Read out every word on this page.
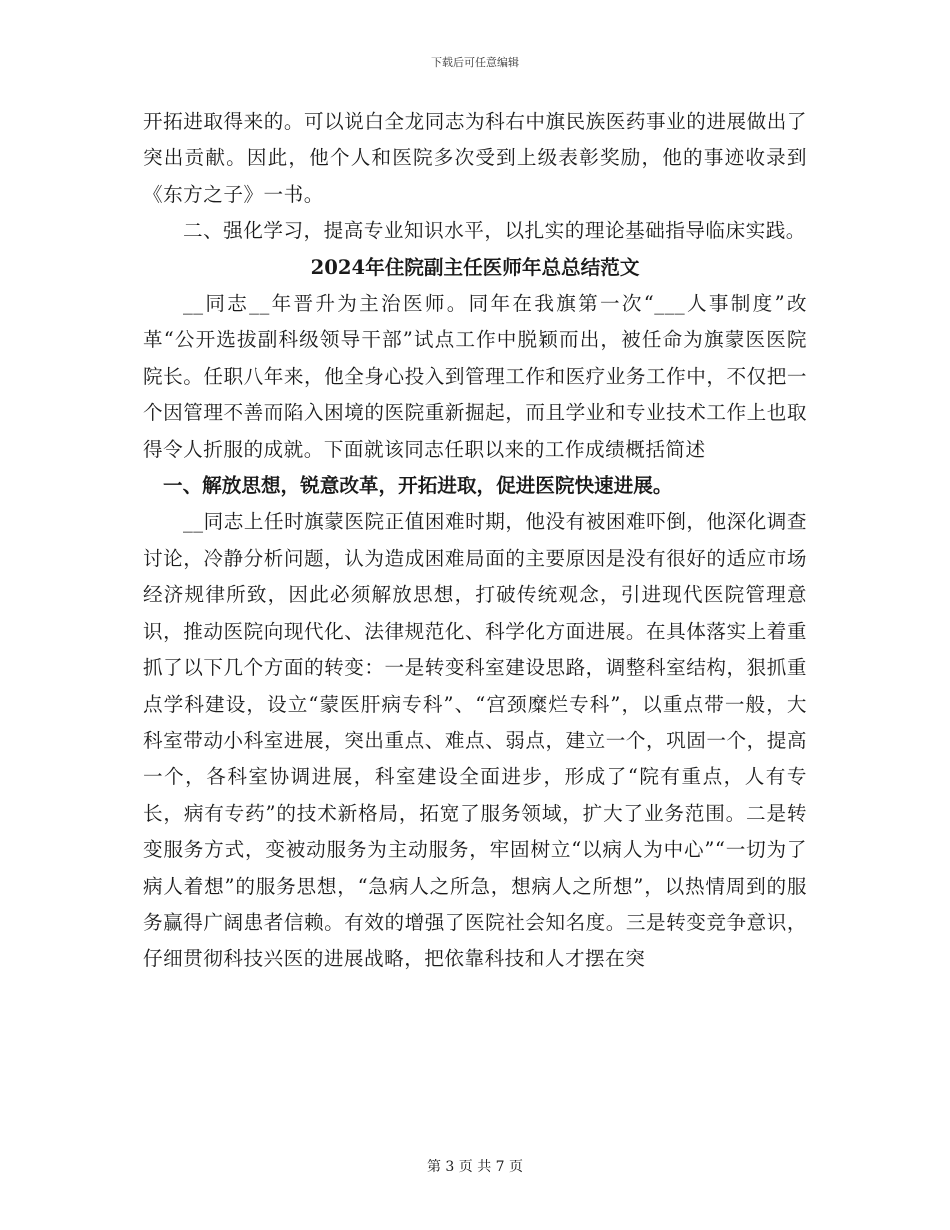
下载后可任意编辑

开拓进取得来的。可以说白全龙同志为科右中旗民族医药事业的进展做出了突出贡献。因此，他个人和医院多次受到上级表彰奖励，他的事迹收录到《东方之子》一书。

二、强化学习，提高专业知识水平，以扎实的理论基础指导临床实践。

2024年住院副主任医师年总总结范文

__同志__年晋升为主治医师。同年在我旗第一次“___人事制度”改革“公开选拔副科级领导干部”试点工作中脱颖而出，被任命为旗蒙医医院院长。任职八年来，他全身心投入到管理工作和医疗业务工作中，不仅把一个因管理不善而陷入困境的医院重新掘起，而且学业和专业技术工作上也取得令人折服的成就。下面就该同志任职以来的工作成绩概括简述

一、解放思想，锐意改革，开拓进取，促进医院快速进展。

__同志上任时旗蒙医院正值困难时期，他没有被困难吓倒，他深化调查讨论，冷静分析问题，认为造成困难局面的主要原因是没有很好的适应市场经济规律所致，因此必须解放思想，打破传统观念，引进现代医院管理意识，推动医院向现代化、法律规范化、科学化方面进展。在具体落实上着重抓了以下几个方面的转变：一是转变科室建设思路，调整科室结构，狠抓重点学科建设，设立“蒙医肝病专科”、“宫颈糜烂专科”，以重点带一般，大科室带动小科室进展，突出重点、难点、弱点，建立一个，巩固一个，提高一个，各科室协调进展，科室建设全面进步，形成了“院有重点，人有专长，病有专药”的技术新格局，拓宽了服务领域，扩大了业务范围。二是转变服务方式，变被动服务为主动服务，牢固树立“以病人为中心”“一切为了病人着想”的服务思想，“急病人之所急，想病人之所想”，以热情周到的服务赢得广阔患者信赖。有效的增强了医院社会知名度。三是转变竞争意识，仔细贯彻科技兴医的进展战略，把依靠科技和人才摆在突

第 3 页 共 7 页
